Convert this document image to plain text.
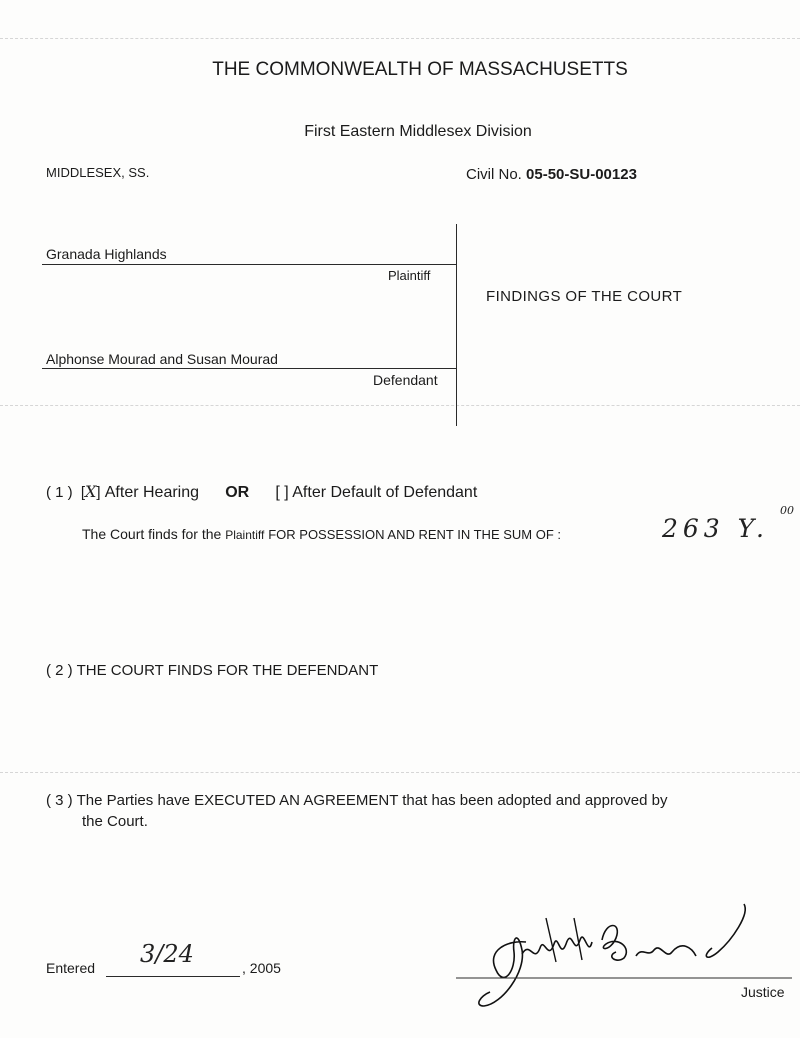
THE COMMONWEALTH OF MASSACHUSETTS
First Eastern Middlesex Division
MIDDLESEX, SS.	Civil No. 05-50-SU-00123
Granada Highlands
Plaintiff
Alphonse Mourad and Susan Mourad
Defendant
FINDINGS OF THE COURT
( 1 ) [X] After Hearing OR [ ] After Default of Defendant
The Court finds for the Plaintiff FOR POSSESSION AND RENT IN THE SUM OF :	263 Y.
00
( 2 ) THE COURT FINDS FOR THE DEFENDANT
( 3 ) The Parties have EXECUTED AN AGREEMENT that has been adopted and approved by
the Court.
Entered 3/24	, 2005
Justice
